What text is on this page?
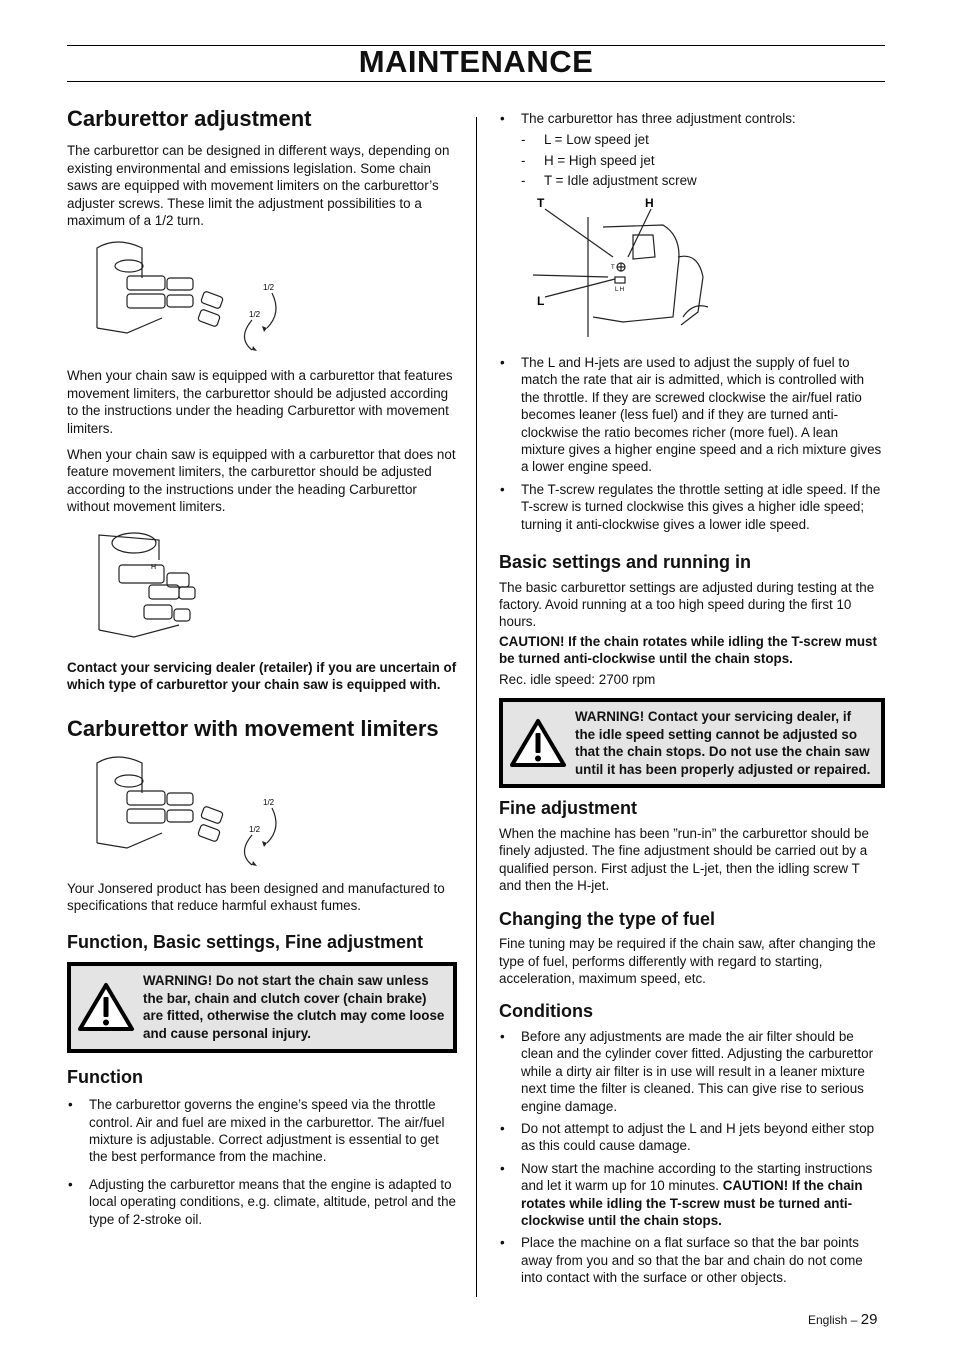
MAINTENANCE
Carburettor adjustment

The carburettor can be designed in different ways, depending on existing environmental and emissions legislation. Some chain saws are equipped with movement limiters on the carburettor’s adjuster screws. These limit the adjustment possibilities to a maximum of a 1/2 turn.

1/2
1/2

When your chain saw is equipped with a carburettor that features movement limiters, the carburettor should be adjusted according to the instructions under the heading Carburettor with movement limiters.

When your chain saw is equipped with a carburettor that does not feature movement limiters, the carburettor should be adjusted according to the instructions under the heading Carburettor without movement limiters.

H

Contact your servicing dealer (retailer) if you are uncertain of which type of carburettor your chain saw is equipped with.

Carburettor with movement limiters
1/2
1/2

Your Jonsered product has been designed and manufactured to specifications that reduce harmful exhaust fumes.

Function, Basic settings, Fine adjustment
WARNING! Do not start the chain saw unless the bar, chain and clutch cover (chain brake) are fitted, otherwise the clutch may come loose and cause personal injury.
Function
• The carburettor governs the engine’s speed via the throttle control. Air and fuel are mixed in the carburettor. The air/fuel mixture is adjustable. Correct adjustment is essential to get the best performance from the machine.
• Adjusting the carburettor means that the engine is adapted to local operating conditions, e.g. climate, altitude, petrol and the type of 2-stroke oil.
• The carburettor has three adjustment controls:
- L = Low speed jet
- H = High speed jet
- T = Idle adjustment screw
T	H
L
T
L H
• The L and H-jets are used to adjust the supply of fuel to match the rate that air is admitted, which is controlled with the throttle. If they are screwed clockwise the air/fuel ratio becomes leaner (less fuel) and if they are turned anti-clockwise the ratio becomes richer (more fuel). A lean mixture gives a higher engine speed and a rich mixture gives a lower engine speed.
• The T-screw regulates the throttle setting at idle speed. If the T-screw is turned clockwise this gives a higher idle speed; turning it anti-clockwise gives a lower idle speed.
Basic settings and running in

The basic carburettor settings are adjusted during testing at the factory. Avoid running at a too high speed during the first 10 hours.

CAUTION! If the chain rotates while idling the T-screw must be turned anti-clockwise until the chain stops.

Rec. idle speed: 2700 rpm

WARNING! Contact your servicing dealer, if the idle speed setting cannot be adjusted so that the chain stops. Do not use the chain saw until it has been properly adjusted or repaired.
Fine adjustment

When the machine has been ”run-in” the carburettor should be finely adjusted. The fine adjustment should be carried out by a qualified person. First adjust the L-jet, then the idling screw T and then the H-jet.

Changing the type of fuel

Fine tuning may be required if the chain saw, after changing the type of fuel, performs differently with regard to starting, acceleration, maximum speed, etc.

Conditions
• Before any adjustments are made the air filter should be clean and the cylinder cover fitted. Adjusting the carburettor while a dirty air filter is in use will result in a leaner mixture next time the filter is cleaned. This can give rise to serious engine damage.
• Do not attempt to adjust the L and H jets beyond either stop as this could cause damage.
• Now start the machine according to the starting instructions and let it warm up for 10 minutes. CAUTION! If the chain rotates while idling the T-screw must be turned anti-clockwise until the chain stops.
• Place the machine on a flat surface so that the bar points away from you and so that the bar and chain do not come into contact with the surface or other objects.
English – 29
